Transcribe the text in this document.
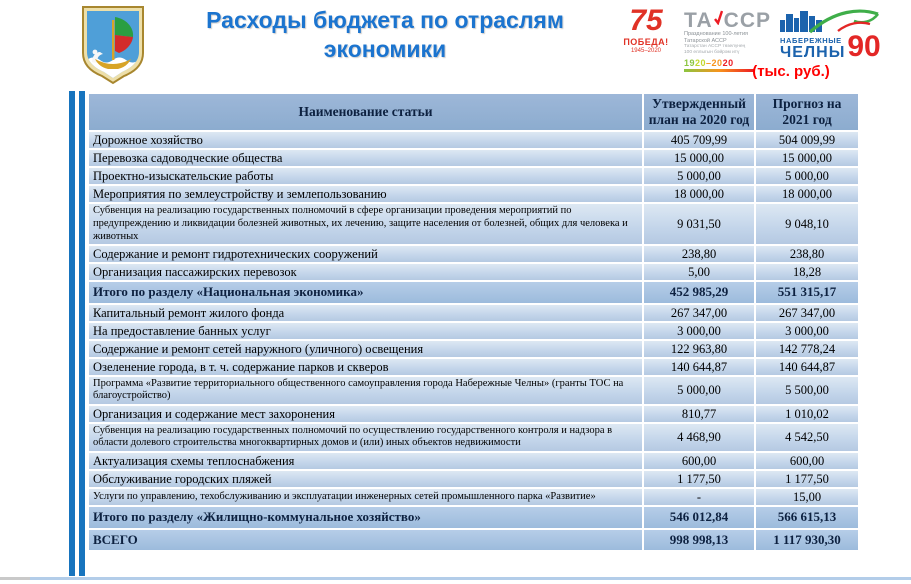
Расходы бюджета по отраслям
экономики
75
ПОБЕДА!
1945–2020
ТА ССР
Празднование 100-летия
Татарской АССР
Татарстан АССР төзелүнең
100 еллыгын бәйрәм итү
1920–2020
НАБЕРЕЖНЫЕ
ЧЕЛНЫ 90
(тыс. руб.)
Наименование статьи	Утвержденный план на 2020 год	Прогноз на 2021 год
Дорожное хозяйство	405 709,99	504 009,99
Перевозка садоводческие общества	15 000,00	15 000,00
Проектно-изыскательские работы	5 000,00	5 000,00
Мероприятия по землеустройству и землепользованию	18 000,00	18 000,00
Субвенция на реализацию государственных полномочий в сфере организации проведения мероприятий по предупреждению и ликвидации болезней животных, их лечению, защите населения от болезней, общих для человека и животных	9 031,50	9 048,10
Содержание и ремонт гидротехнических сооружений	238,80	238,80
Организация пассажирских перевозок	5,00	18,28
Итого по разделу «Национальная экономика»	452 985,29	551 315,17
Капитальный ремонт жилого фонда	267 347,00	267 347,00
На предоставление банных услуг	3 000,00	3 000,00
Содержание и ремонт сетей наружного (уличного) освещения	122 963,80	142 778,24
Озеленение города, в т. ч. содержание парков и скверов	140 644,87	140 644,87
Программа «Развитие территориального общественного самоуправления города Набережные Челны» (гранты ТОС на благоустройство)	5 000,00	5 500,00
Организация и содержание мест захоронения	810,77	1 010,02
Субвенция на реализацию государственных полномочий по осуществлению государственного контроля и надзора в области долевого строительства многоквартирных домов и (или) иных объектов недвижимости	4 468,90	4 542,50
Актуализация схемы теплоснабжения	600,00	600,00
Обслуживание городских пляжей	1 177,50	1 177,50
Услуги по управлению, техобслуживанию и эксплуатации инженерных сетей промышленного парка «Развитие»	-	15,00
Итого по разделу «Жилищно-коммунальное хозяйство»	546 012,84	566 615,13
ВСЕГО	998 998,13	1 117 930,30
